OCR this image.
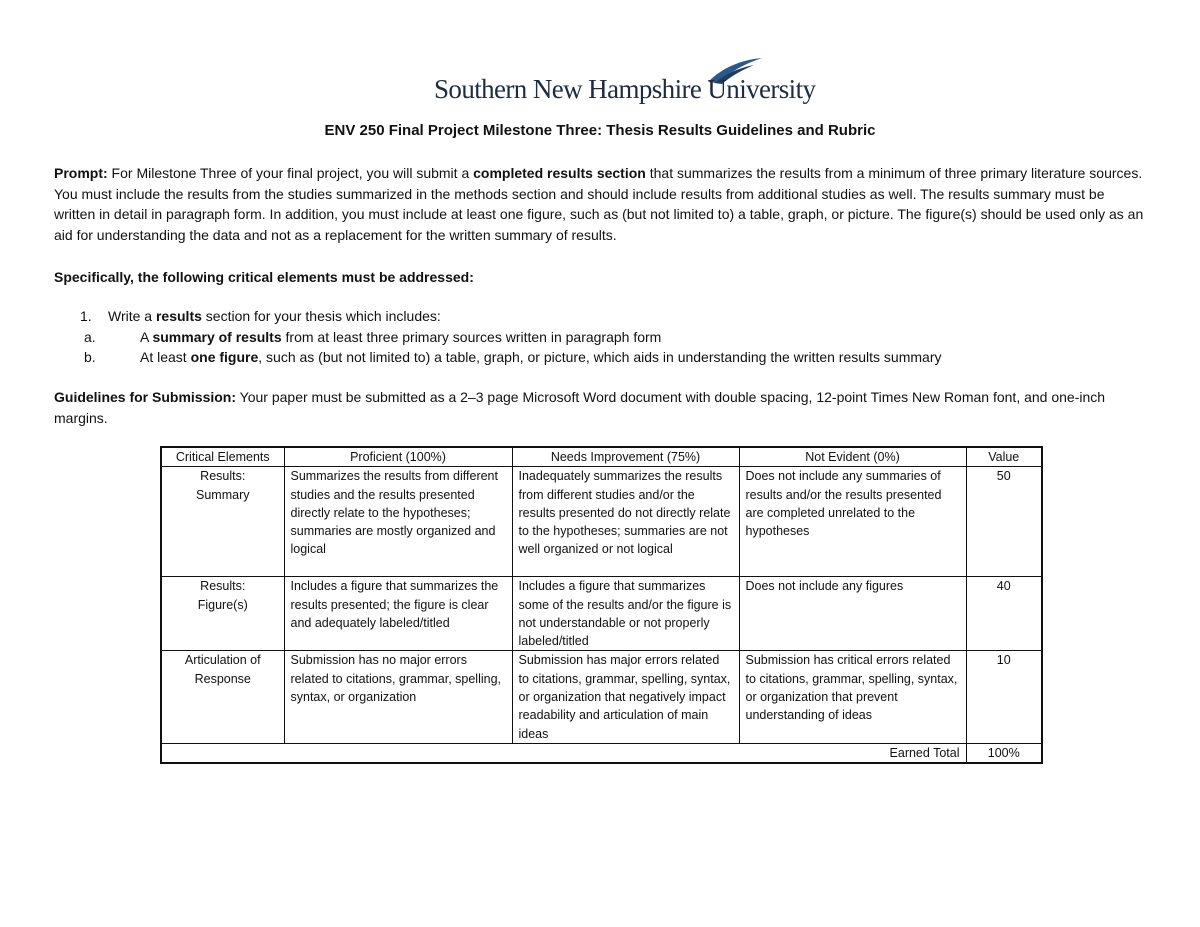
Southern New Hampshire University
ENV 250 Final Project Milestone Three: Thesis Results Guidelines and Rubric
Prompt: For Milestone Three of your final project, you will submit a completed results section that summarizes the results from a minimum of three primary literature sources. You must include the results from the studies summarized in the methods section and should include results from additional studies as well. The results summary must be written in detail in paragraph form. In addition, you must include at least one figure, such as (but not limited to) a table, graph, or picture. The figure(s) should be used only as an aid for understanding the data and not as a replacement for the written summary of results.
Specifically, the following critical elements must be addressed:
1. Write a results section for your thesis which includes:
a.	A summary of results from at least three primary sources written in paragraph form
b.	At least one figure, such as (but not limited to) a table, graph, or picture, which aids in understanding the written results summary
Guidelines for Submission: Your paper must be submitted as a 2–3 page Microsoft Word document with double spacing, 12-point Times New Roman font, and one-inch margins.
Critical Elements	Proficient (100%)	Needs Improvement (75%)	Not Evident (0%)	Value
Results: Summary	Summarizes the results from different studies and the results presented directly relate to the hypotheses; summaries are mostly organized and logical	Inadequately summarizes the results from different studies and/or the results presented do not directly relate to the hypotheses; summaries are not well organized or not logical	Does not include any summaries of results and/or the results presented are completed unrelated to the hypotheses	50
Results: Figure(s)	Includes a figure that summarizes the results presented; the figure is clear and adequately labeled/titled	Includes a figure that summarizes some of the results and/or the figure is not understandable or not properly labeled/titled	Does not include any figures	40
Articulation of Response	Submission has no major errors related to citations, grammar, spelling, syntax, or organization	Submission has major errors related to citations, grammar, spelling, syntax, or organization that negatively impact readability and articulation of main ideas	Submission has critical errors related to citations, grammar, spelling, syntax, or organization that prevent understanding of ideas	10
Earned Total				100%
